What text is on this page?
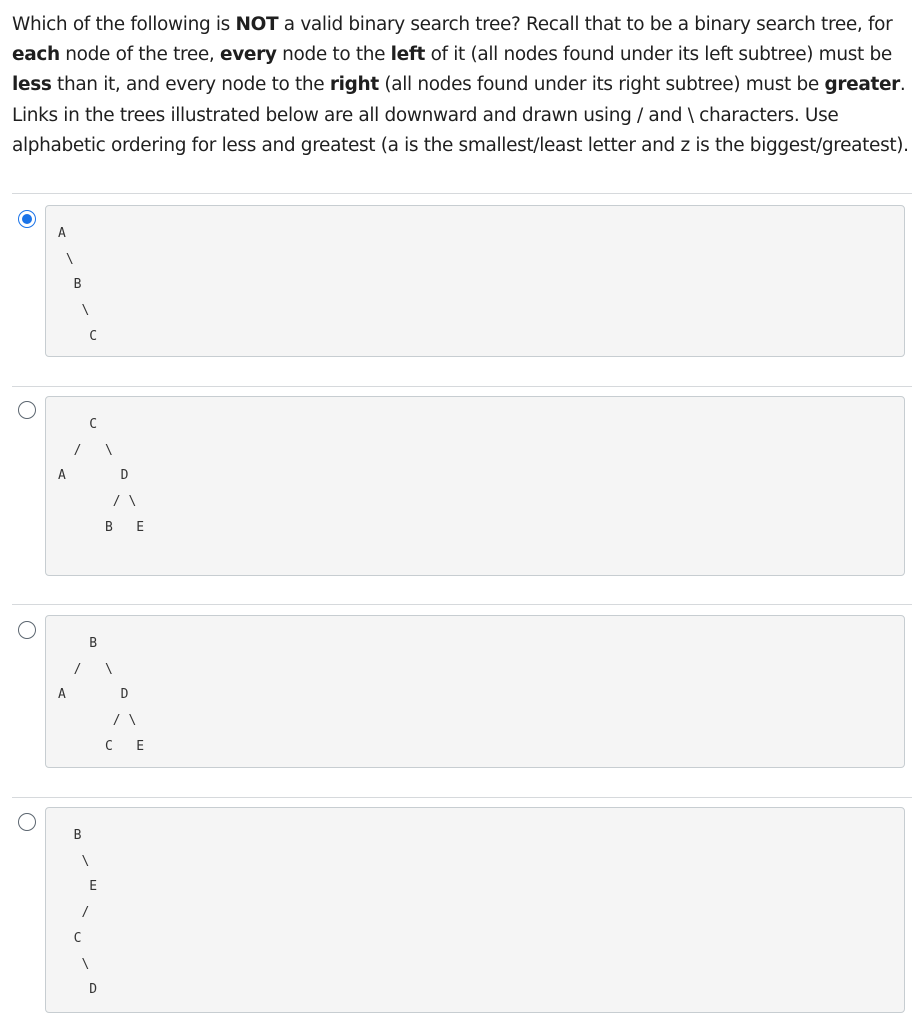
Which of the following is NOT a valid binary search tree? Recall that to be a binary search tree, for each node of the tree, every node to the left of it (all nodes found under its left subtree) must be less than it, and every node to the right (all nodes found under its right subtree) must be greater. Links in the trees illustrated below are all downward and drawn using / and \ characters. Use alphabetic ordering for less and greatest (a is the smallest/least letter and z is the biggest/greatest).
A
\
B
\
C
C
/   \
A       D
/ \
B   E
B
/   \
A       D
/ \
C   E
B
\
E
/
C
\
D
